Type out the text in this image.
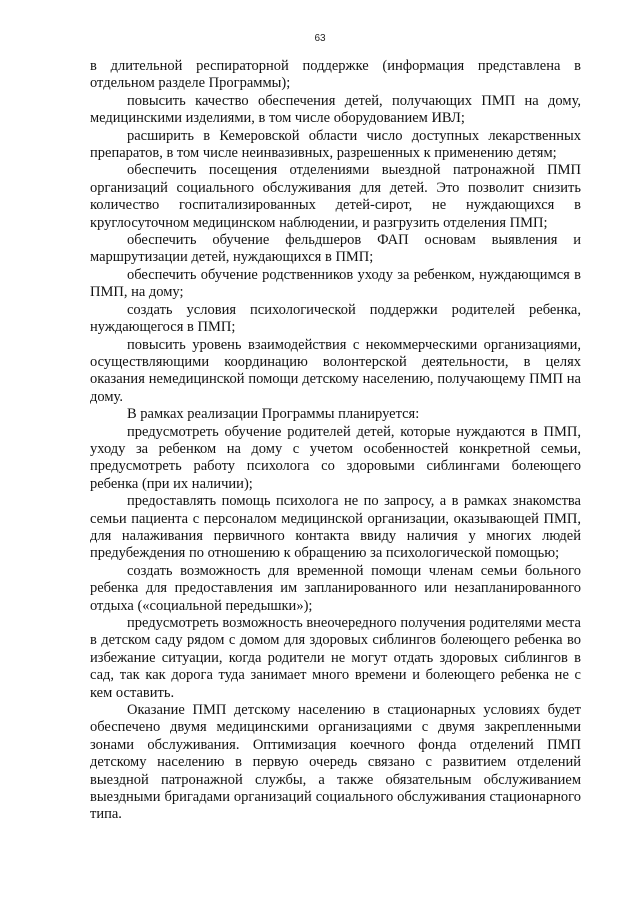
63

в длительной респираторной поддержке (информация представлена в отдельном разделе Программы);

повысить качество обеспечения детей, получающих ПМП на дому, медицинскими изделиями, в том числе оборудованием ИВЛ;

расширить в Кемеровской области число доступных лекарственных препаратов, в том числе неинвазивных, разрешенных к применению детям;

обеспечить посещения отделениями выездной патронажной ПМП организаций социального обслуживания для детей. Это позволит снизить количество госпитализированных детей-сирот, не нуждающихся в круглосуточном медицинском наблюдении, и разгрузить отделения ПМП;

обеспечить обучение фельдшеров ФАП основам выявления и маршрутизации детей, нуждающихся в ПМП;

обеспечить обучение родственников уходу за ребенком, нуждающимся в ПМП, на дому;

создать условия психологической поддержки родителей ребенка, нуждающегося в ПМП;

повысить уровень взаимодействия с некоммерческими организациями, осуществляющими координацию волонтерской деятельности, в целях оказания немедицинской помощи детскому населению, получающему ПМП на дому.

В рамках реализации Программы планируется:

предусмотреть обучение родителей детей, которые нуждаются в ПМП, уходу за ребенком на дому с учетом особенностей конкретной семьи, предусмотреть работу психолога со здоровыми сиблингами болеющего ребенка (при их наличии);

предоставлять помощь психолога не по запросу, а в рамках знакомства семьи пациента с персоналом медицинской организации, оказывающей ПМП, для налаживания первичного контакта ввиду наличия у многих людей предубеждения по отношению к обращению за психологической помощью;

создать возможность для временной помощи членам семьи больного ребенка для предоставления им запланированного или незапланированного отдыха («социальной передышки»);

предусмотреть возможность внеочередного получения родителями места в детском саду рядом с домом для здоровых сиблингов болеющего ребенка во избежание ситуации, когда родители не могут отдать здоровых сиблингов в сад, так как дорога туда занимает много времени и болеющего ребенка не с кем оставить.

Оказание ПМП детскому населению в стационарных условиях будет обеспечено двумя медицинскими организациями с двумя закрепленными зонами обслуживания. Оптимизация коечного фонда отделений ПМП детскому населению в первую очередь связано с развитием отделений выездной патронажной службы, а также обязательным обслуживанием выездными бригадами организаций социального обслуживания стационарного типа.
